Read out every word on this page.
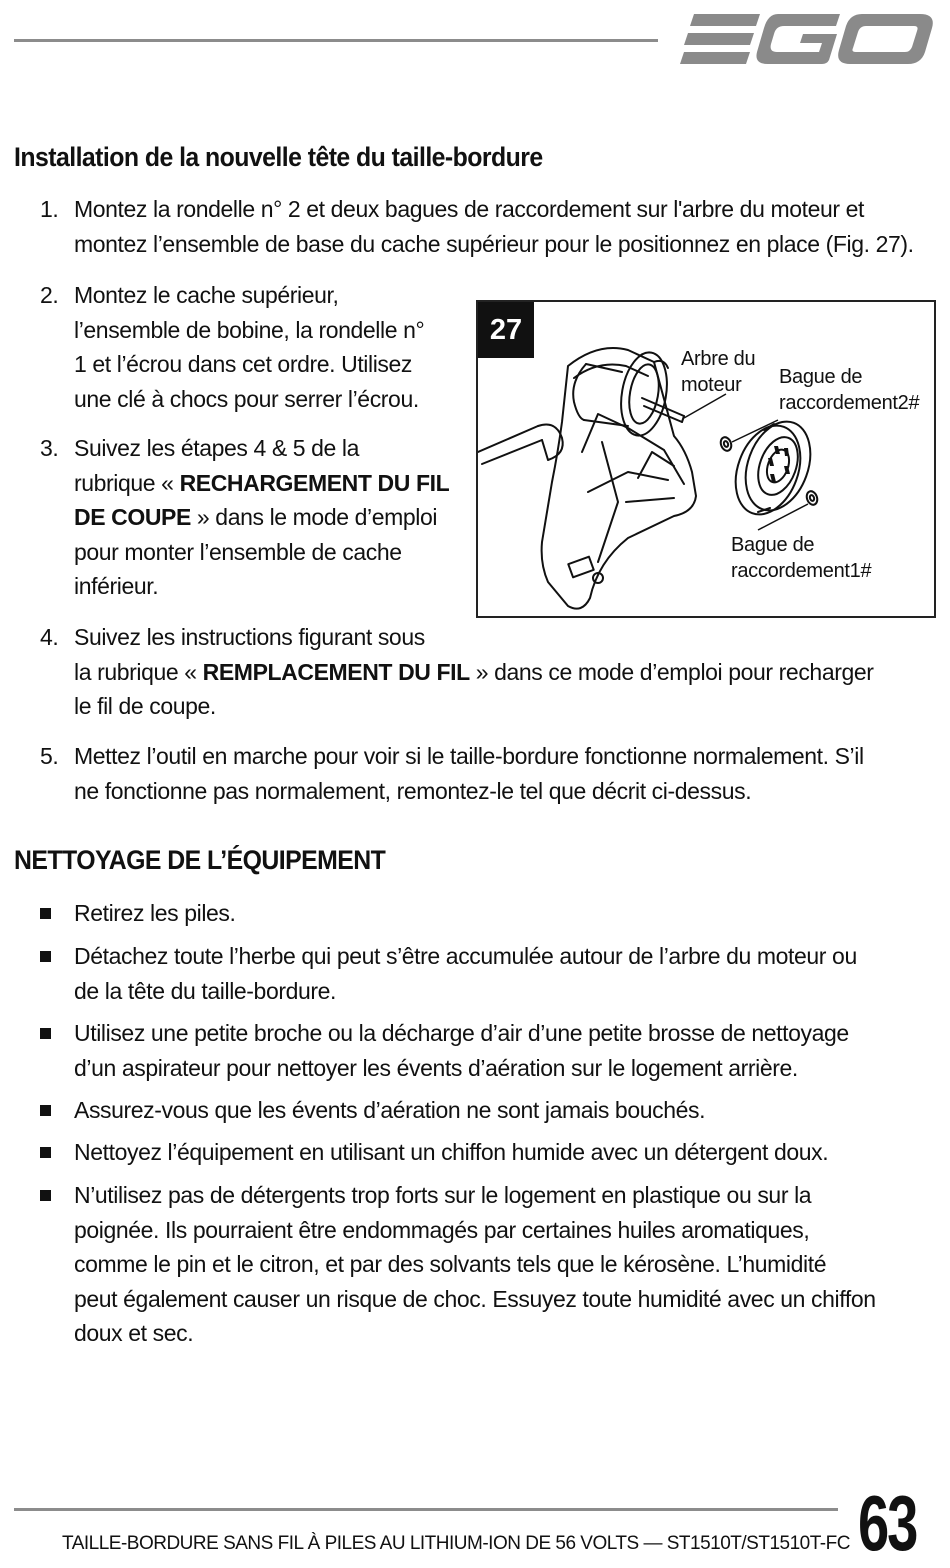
Installation de la nouvelle tête du taille-bordure
1. Montez la rondelle n° 2 et deux bagues de raccordement sur l'arbre du moteur et
montez l’ensemble de base du cache supérieur pour le positionnez en place (Fig. 27).
2. Montez le cache supérieur,
l’ensemble de bobine, la rondelle n°
1 et l’écrou dans cet ordre. Utilisez
une clé à chocs pour serrer l’écrou.
3. Suivez les étapes 4 & 5 de la
rubrique « RECHARGEMENT DU FIL
DE COUPE » dans le mode d’emploi
pour monter l’ensemble de cache
inférieur.
4. Suivez les instructions figurant sous
la rubrique « REMPLACEMENT DU FIL » dans ce mode d’emploi pour recharger
le fil de coupe.
5. Mettez l’outil en marche pour voir si le taille-bordure fonctionne normalement. S’il
ne fonctionne pas normalement, remontez-le tel que décrit ci-dessus.
27
Arbre du
moteur	Bague de
raccordement2#
Bague de
raccordement1#
NETTOYAGE DE L’ÉQUIPEMENT
Retirez les piles.
Détachez toute l’herbe qui peut s’être accumulée autour de l’arbre du moteur ou
de la tête du taille-bordure.
Utilisez une petite broche ou la décharge d’air d’une petite brosse de nettoyage
d’un aspirateur pour nettoyer les évents d’aération sur le logement arrière.
Assurez-vous que les évents d’aération ne sont jamais bouchés.
Nettoyez l’équipement en utilisant un chiffon humide avec un détergent doux.
N’utilisez pas de détergents trop forts sur le logement en plastique ou sur la
poignée. Ils pourraient être endommagés par certaines huiles aromatiques,
comme le pin et le citron, et par des solvants tels que le kérosène. L’humidité
peut également causer un risque de choc. Essuyez toute humidité avec un chiffon
doux et sec.
TAILLE-BORDURE SANS FIL À PILES AU LITHIUM-ION DE 56 VOLTS — ST1510T/ST1510T-FC 63
